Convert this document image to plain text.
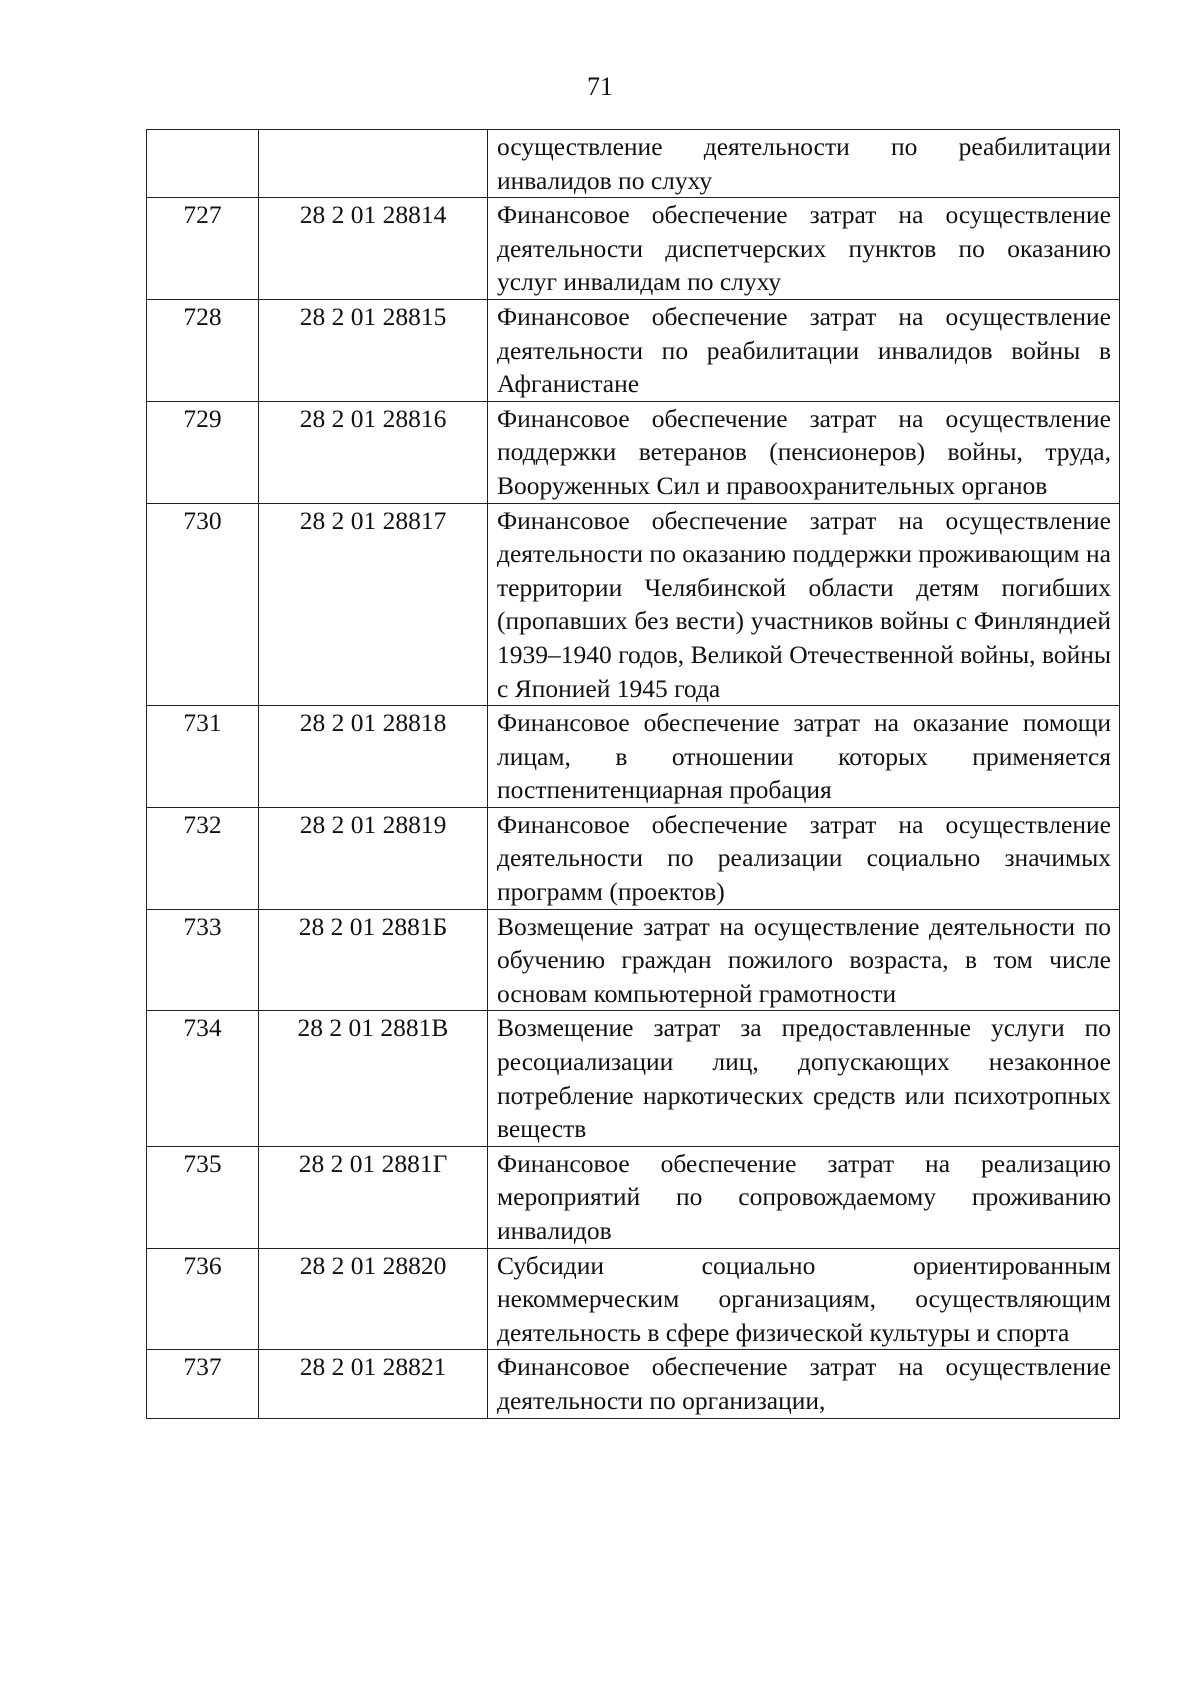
71

		осуществление деятельности по реабилитации инвалидов по слуху

727	28 2 01 28814	Финансовое обеспечение затрат на осуществление деятельности диспетчерских пунктов по оказанию услуг инвалидам по слуху

728	28 2 01 28815	Финансовое обеспечение затрат на осуществление деятельности по реабилитации инвалидов войны в Афганистане

729	28 2 01 28816	Финансовое обеспечение затрат на осуществление поддержки ветеранов (пенсионеров) войны, труда, Вооруженных Сил и правоохранительных органов

730	28 2 01 28817	Финансовое обеспечение затрат на осуществление деятельности по оказанию поддержки проживающим на территории Челябинской области детям погибших (пропавших без вести) участников войны с Финляндией 1939–1940 годов, Великой Отечественной войны, войны с Японией 1945 года

731	28 2 01 28818	Финансовое обеспечение затрат на оказание помощи лицам, в отношении которых применяется постпенитенциарная пробация

732	28 2 01 28819	Финансовое обеспечение затрат на осуществление деятельности по реализации социально значимых программ (проектов)

733	28 2 01 2881Б	Возмещение затрат на осуществление деятельности по обучению граждан пожилого возраста, в том числе основам компьютерной грамотности

734	28 2 01 2881В	Возмещение затрат за предоставленные услуги по ресоциализации лиц, допускающих незаконное потребление наркотических средств или психотропных веществ

735	28 2 01 2881Г	Финансовое обеспечение затрат на реализацию мероприятий по сопровождаемому проживанию инвалидов

736	28 2 01 28820	Субсидии социально ориентированным некоммерческим организациям, осуществляющим деятельность в сфере физической культуры и спорта

737	28 2 01 28821	Финансовое обеспечение затрат на осуществление деятельности по организации,
